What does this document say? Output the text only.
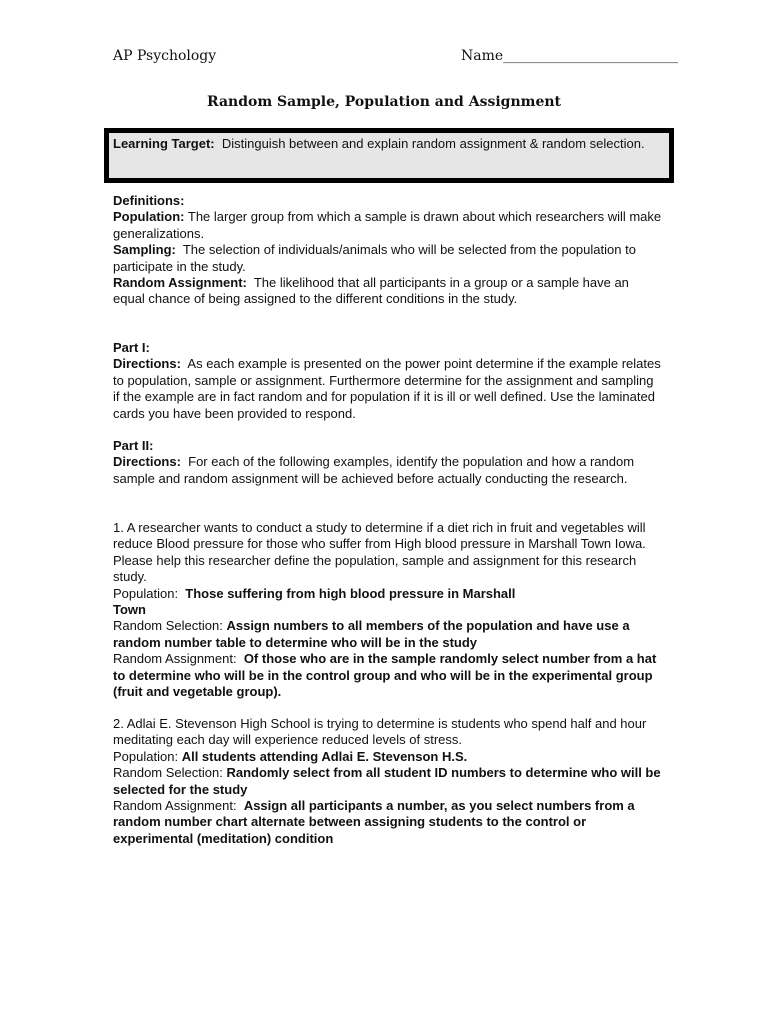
AP Psychology	Name_________________________
Random Sample, Population and Assignment

Learning Target: Distinguish between and explain random assignment & random selection.

Definitions:

Population: The larger group from which a sample is drawn about which researchers will make generalizations.

Sampling: The selection of individuals/animals who will be selected from the population to participate in the study.

Random Assignment: The likelihood that all participants in a group or a sample have an equal chance of being assigned to the different conditions in the study.

Part I:

Directions: As each example is presented on the power point determine if the example relates to population, sample or assignment. Furthermore determine for the assignment and sampling if the example are in fact random and for population if it is ill or well defined. Use the laminated cards you have been provided to respond.

Part II:

Directions: For each of the following examples, identify the population and how a random sample and random assignment will be achieved before actually conducting the research.

1. A researcher wants to conduct a study to determine if a diet rich in fruit and vegetables will reduce Blood pressure for those who suffer from High blood pressure in Marshall Town Iowa. Please help this researcher define the population, sample and assignment for this research study.

Population: Those suffering from high blood pressure in Marshall

Town

Random Selection: Assign numbers to all members of the population and have use a random number table to determine who will be in the study

Random Assignment: Of those who are in the sample randomly select number from a hat to determine who will be in the control group and who will be in the experimental group (fruit and vegetable group).

2. Adlai E. Stevenson High School is trying to determine is students who spend half and hour meditating each day will experience reduced levels of stress.

Population: All students attending Adlai E. Stevenson H.S.

Random Selection: Randomly select from all student ID numbers to determine who will be selected for the study

Random Assignment: Assign all participants a number, as you select numbers from a random number chart alternate between assigning students to the control or experimental (meditation) condition
